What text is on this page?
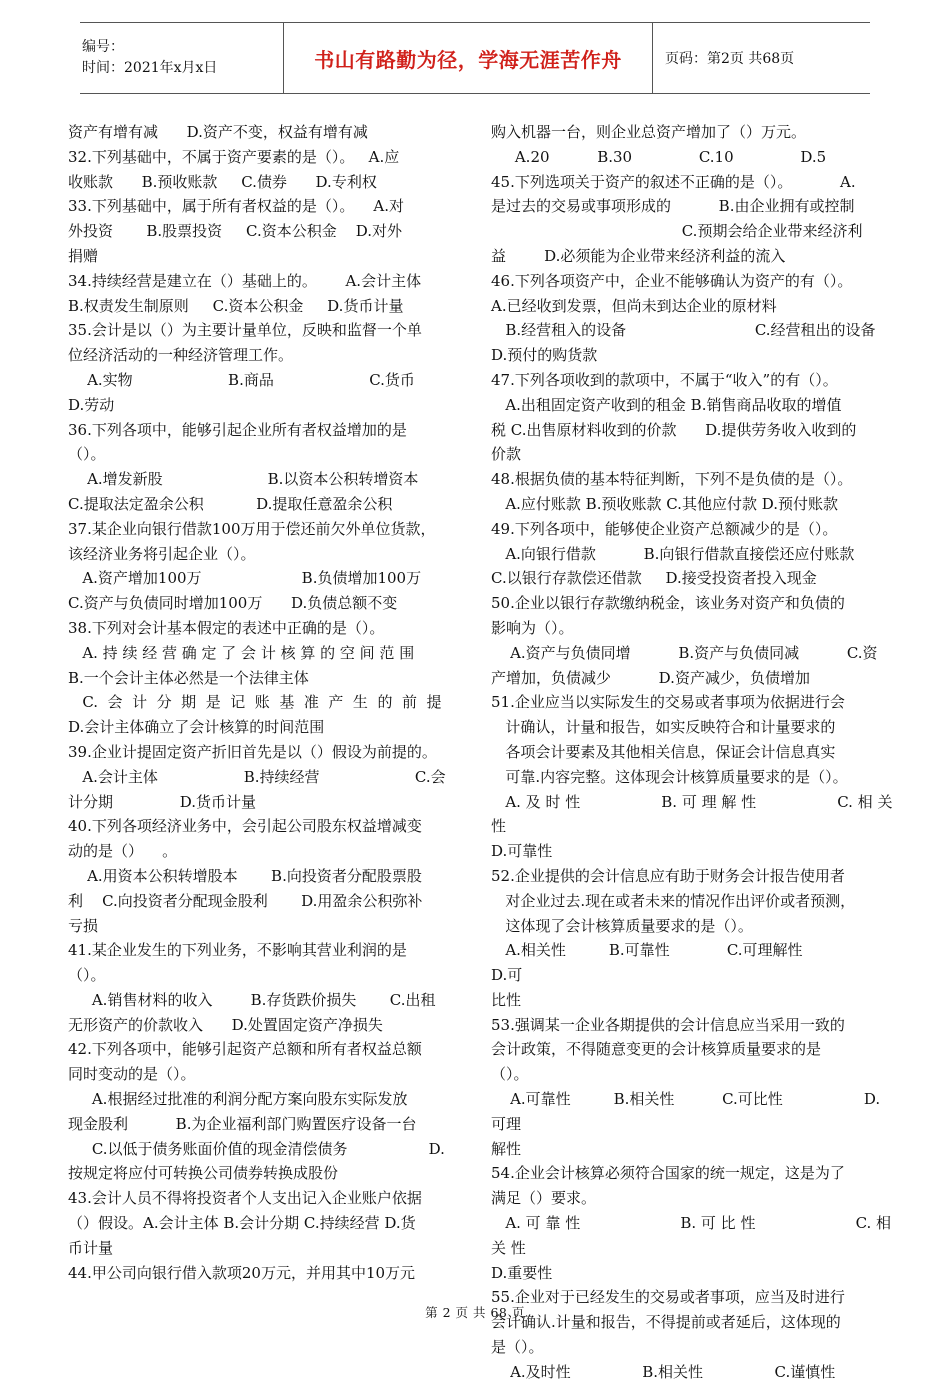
编号：
时间：2021年x月x日	书山有路勤为径，学海无涯苦作舟	页码：第2页 共68页

资产有增有减      D.资产不变，权益有增有减

32.下列基础中，不属于资产要素的是（）。   A.应

收账款      B.预收账款     C.债券      D.专利权

33.下列基础中，属于所有者权益的是（）。    A.对

外投资       B.股票投资     C.资本公积金    D.对外

捐赠

34.持续经营是建立在（）基础上的。      A.会计主体

B.权责发生制原则     C.资本公积金     D.货币计量

35.会计是以（）为主要计量单位，反映和监督一个单

位经济活动的一种经济管理工作。

A.实物                    B.商品                    C.货币

D.劳动

36.下列各项中，能够引起企业所有者权益增加的是

（）。

A.增发新股                      B.以资本公积转增资本

C.提取法定盈余公积           D.提取任意盈余公积

37.某企业向银行借款100万用于偿还前欠外单位货款，

该经济业务将引起企业（）。

A.资产增加100万                     B.负债增加100万

C.资产与负债同时增加100万      D.负债总额不变

38.下列对会计基本假定的表述中正确的是（）。

A. 持 续 经 营 确 定 了 会 计 核 算 的 空 间 范 围

B.一个会计主体必然是一个法律主体

C.  会  计  分  期  是  记  账  基  准  产  生  的  前  提

D.会计主体确立了会计核算的时间范围

39.企业计提固定资产折旧首先是以（）假设为前提的。

A.会计主体                  B.持续经营                    C.会

计分期              D.货币计量

40.下列各项经济业务中，会引起公司股东权益增减变

动的是（）    。

A.用资本公积转增股本       B.向投资者分配股票股

利    C.向投资者分配现金股利       D.用盈余公积弥补

亏损

41.某企业发生的下列业务，不影响其营业利润的是

（）。

A.销售材料的收入        B.存货跌价损失       C.出租

无形资产的价款收入      D.处置固定资产净损失

42.下列各项中，能够引起资产总额和所有者权益总额

同时变动的是（）。

A.根据经过批准的利润分配方案向股东实际发放

现金股利          B.为企业福利部门购置医疗设备一台

C.以低于债务账面价值的现金清偿债务                 D.

按规定将应付可转换公司债券转换成股份

43.会计人员不得将投资者个人支出记入企业账户依据

（）假设。A.会计主体 B.会计分期 C.持续经营 D.货

币计量

44.甲公司向银行借入款项20万元，并用其中10万元

购入机器一台，则企业总资产增加了（）万元。

A.20          B.30              C.10              D.5

45.下列选项关于资产的叙述不正确的是（）。          A.

是过去的交易或事项形成的          B.由企业拥有或控制

C.预期会给企业带来经济利

益        D.必须能为企业带来经济利益的流入

46.下列各项资产中，企业不能够确认为资产的有（）。

A.已经收到发票，但尚未到达企业的原材料

B.经营租入的设备                           C.经营租出的设备

D.预付的购货款

47.下列各项收到的款项中，不属于“收入”的有（）。

A.出租固定资产收到的租金 B.销售商品收取的增值

税 C.出售原材料收到的价款      D.提供劳务收入收到的

价款

48.根据负债的基本特征判断，下列不是负债的是（）。

A.应付账款 B.预收账款 C.其他应付款 D.预付账款

49.下列各项中，能够使企业资产总额减少的是（）。

A.向银行借款          B.向银行借款直接偿还应付账款

C.以银行存款偿还借款     D.接受投资者投入现金

50.企业以银行存款缴纳税金，该业务对资产和负债的

影响为（）。

A.资产与负债同增          B.资产与负债同减          C.资

产增加，负债减少          D.资产减少，负债增加

51.企业应当以实际发生的交易或者事项为依据进行会

计确认，计量和报告，如实反映符合和计量要求的

各项会计要素及其他相关信息，保证会计信息真实

可靠.内容完整。这体现会计核算质量要求的是（）。

A. 及 时 性                 B. 可 理 解 性                 C. 相 关 性

D.可靠性

52.企业提供的会计信息应有助于财务会计报告使用者

对企业过去.现在或者未来的情况作出评价或者预测，

这体现了会计核算质量要求的是（）。

A.相关性         B.可靠性            C.可理解性                D.可

比性

53.强调某一企业各期提供的会计信息应当采用一致的

会计政策，不得随意变更的会计核算质量要求的是

（）。

A.可靠性         B.相关性          C.可比性                 D.可理

解性

54.企业会计核算必须符合国家的统一规定，这是为了

满足（）要求。

A. 可 靠 性                     B. 可 比 性                     C. 相 关 性

D.重要性

55.企业对于已经发生的交易或者事项，应当及时进行

会计确认.计量和报告，不得提前或者延后，这体现的

是（）。

A.及时性               B.相关性               C.谨慎性

第 2 页 共 68 页
